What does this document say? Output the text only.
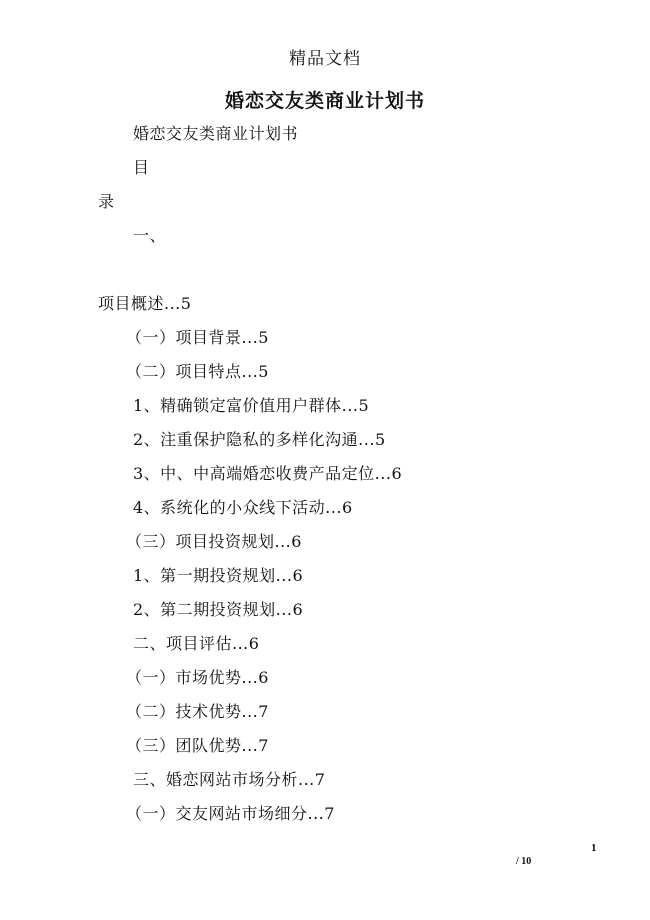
精品文档
婚恋交友类商业计划书
婚恋交友类商业计划书
目
录
一、
项目概述...5
（一）项目背景...5
（二）项目特点...5
1、精确锁定富价值用户群体...5
2、注重保护隐私的多样化沟通...5
3、中、中高端婚恋收费产品定位...6
4、系统化的小众线下活动...6
（三）项目投资规划...6
1、第一期投资规划...6
2、第二期投资规划...6
二、项目评估...6
（一）市场优势...6
（二）技术优势...7
（三）团队优势...7
三、婚恋网站市场分析...7
（一）交友网站市场细分...7
1
/ 10
